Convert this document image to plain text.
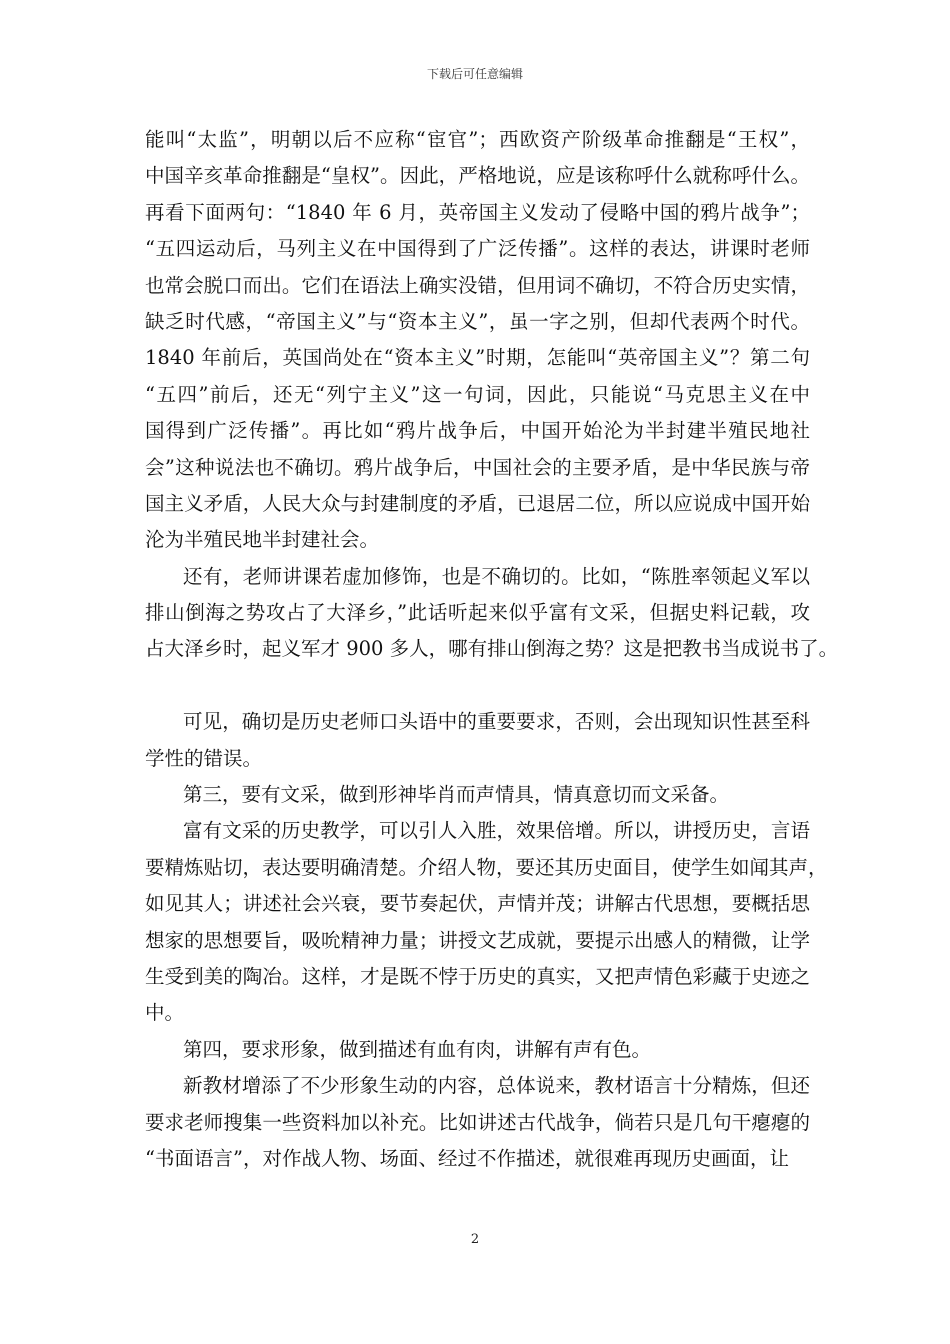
下载后可任意编辑
能叫“太监”，明朝以后不应称“宦官”；西欧资产阶级革命推翻是“王权”，
中国辛亥革命推翻是“皇权”。因此，严格地说，应是该称呼什么就称呼什么。
再看下面两句：“1840 年 6 月，英帝国主义发动了侵略中国的鸦片战争”；
“五四运动后，马列主义在中国得到了广泛传播”。这样的表达，讲课时老师
也常会脱口而出。它们在语法上确实没错，但用词不确切，不符合历史实情，
缺乏时代感，“帝国主义”与“资本主义”，虽一字之别，但却代表两个时代。
1840 年前后，英国尚处在“资本主义”时期，怎能叫“英帝国主义”？第二句
“五四”前后，还无“列宁主义”这一句词，因此，只能说“马克思主义在中
国得到广泛传播”。再比如“鸦片战争后，中国开始沦为半封建半殖民地社
会”这种说法也不确切。鸦片战争后，中国社会的主要矛盾，是中华民族与帝
国主义矛盾，人民大众与封建制度的矛盾，已退居二位，所以应说成中国开始
沦为半殖民地半封建社会。
还有，老师讲课若虚加修饰，也是不确切的。比如，“陈胜率领起义军以
排山倒海之势攻占了大泽乡，”此话听起来似乎富有文采，但据史料记载，攻
占大泽乡时，起义军才 900 多人，哪有排山倒海之势？这是把教书当成说书了。
可见，确切是历史老师口头语中的重要要求，否则，会出现知识性甚至科
学性的错误。
第三，要有文采，做到形神毕肖而声情具，情真意切而文采备。
富有文采的历史教学，可以引人入胜，效果倍增。所以，讲授历史，言语
要精炼贴切，表达要明确清楚。介绍人物，要还其历史面目，使学生如闻其声，
如见其人；讲述社会兴衰，要节奏起伏，声情并茂；讲解古代思想，要概括思
想家的思想要旨，吸吮精神力量；讲授文艺成就，要提示出感人的精微，让学
生受到美的陶冶。这样，才是既不悖于历史的真实，又把声情色彩藏于史迹之
中。
第四，要求形象，做到描述有血有肉，讲解有声有色。
新教材增添了不少形象生动的内容，总体说来，教材语言十分精炼，但还
要求老师搜集一些资料加以补充。比如讲述古代战争，倘若只是几句干瘪瘪的
“书面语言”，对作战人物、场面、经过不作描述，就很难再现历史画面，让
2
